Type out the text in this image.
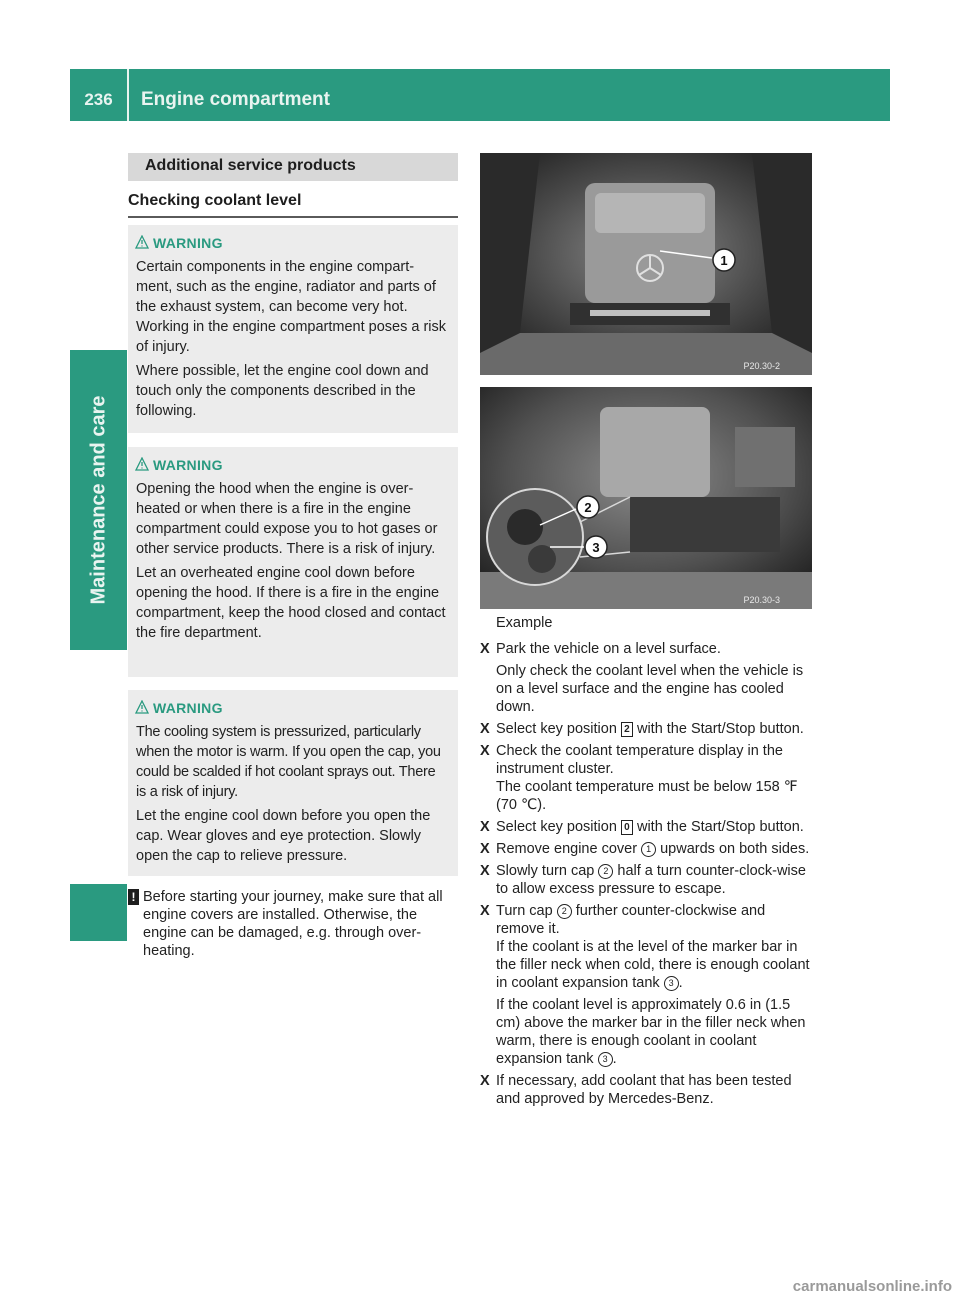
236	Engine compartment
Maintenance and care
Additional service products
Checking coolant level
WARNING

Certain components in the engine compart-ment, such as the engine, radiator and parts of the exhaust system, can become very hot. Working in the engine compartment poses a risk of injury.

Where possible, let the engine cool down and touch only the components described in the following.

WARNING

Opening the hood when the engine is over-heated or when there is a fire in the engine compartment could expose you to hot gases or other service products. There is a risk of injury.

Let an overheated engine cool down before opening the hood. If there is a fire in the engine compartment, keep the hood closed and contact the fire department.

WARNING

The cooling system is pressurized, particularly when the motor is warm. If you open the cap, you could be scalded if hot coolant sprays out. There is a risk of injury.

Let the engine cool down before you open the cap. Wear gloves and eye protection. Slowly open the cap to relieve pressure.

! Before starting your journey, make sure that all engine covers are installed. Otherwise, the engine can be damaged, e.g. through over-heating.
1
P20.30-2
2
3
P20.30-3
Example
X Park the vehicle on a level surface.

Only check the coolant level when the vehicle is on a level surface and the engine has cooled down.

X Select key position 2 with the Start/Stop button.

X Check the coolant temperature display in the instrument cluster.

The coolant temperature must be below 158 ℉ (70 ℃).

X Select key position 0 with the Start/Stop button.

X Remove engine cover 1 upwards on both sides.

X Slowly turn cap 2 half a turn counter-clock-wise to allow excess pressure to escape.

X Turn cap 2 further counter-clockwise and remove it.

If the coolant is at the level of the marker bar in the filler neck when cold, there is enough coolant in coolant expansion tank 3 .

If the coolant level is approximately 0.6 in (1.5 cm) above the marker bar in the filler neck when warm, there is enough coolant in coolant expansion tank 3 .

X If necessary, add coolant that has been tested and approved by Mercedes-Benz.

carmanualsonline.info
